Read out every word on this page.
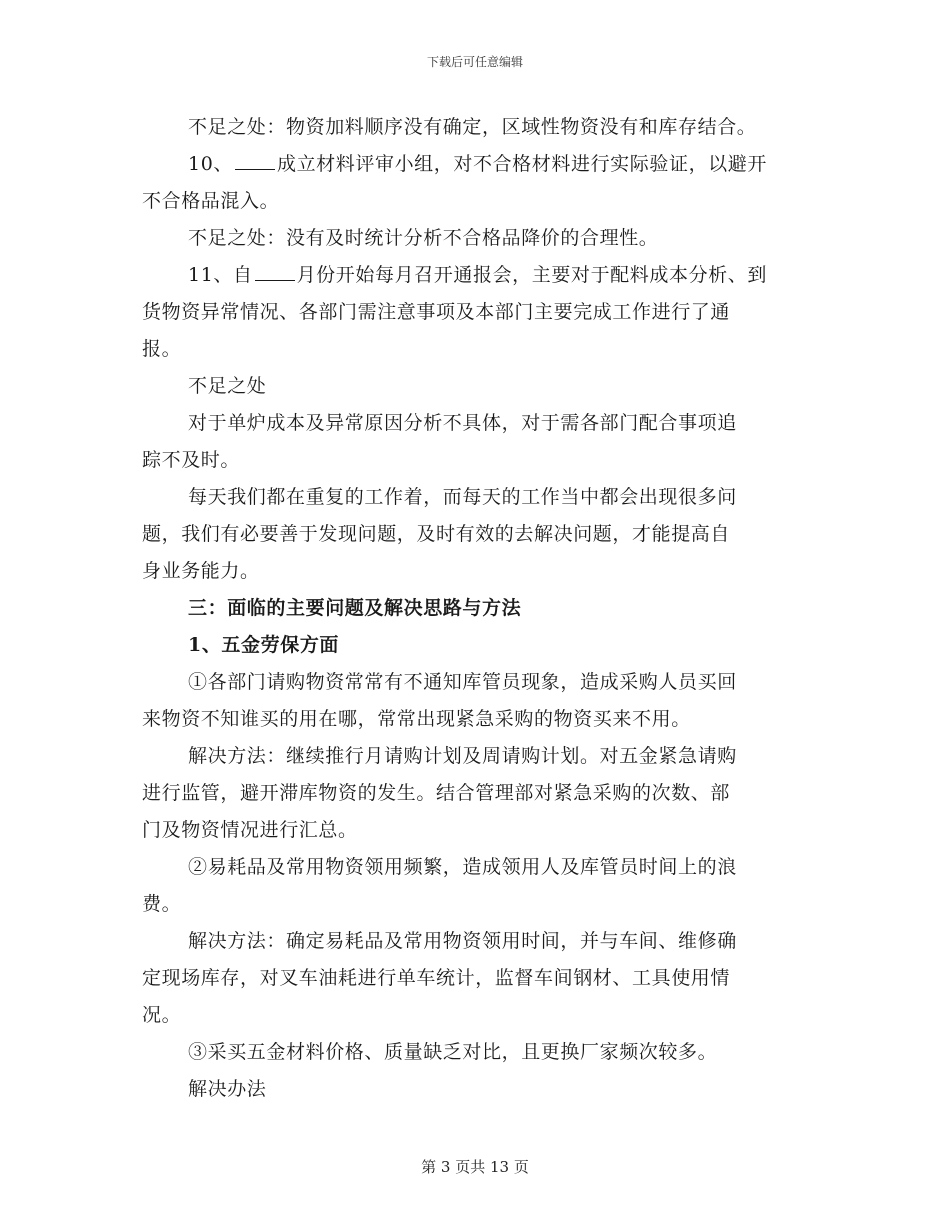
下载后可任意编辑
不足之处：物资加料顺序没有确定，区域性物资没有和库存结合。
10、 成立材料评审小组，对不合格材料进行实际验证，以避开
不合格品混入。
不足之处：没有及时统计分析不合格品降价的合理性。
11、自 月份开始每月召开通报会，主要对于配料成本分析、到
货物资异常情况、各部门需注意事项及本部门主要完成工作进行了通
报。
不足之处
对于单炉成本及异常原因分析不具体，对于需各部门配合事项追
踪不及时。
每天我们都在重复的工作着，而每天的工作当中都会出现很多问
题，我们有必要善于发现问题，及时有效的去解决问题，才能提高自
身业务能力。
三：面临的主要问题及解决思路与方法
1、五金劳保方面
①各部门请购物资常常有不通知库管员现象，造成采购人员买回
来物资不知谁买的用在哪，常常出现紧急采购的物资买来不用。
解决方法：继续推行月请购计划及周请购计划。对五金紧急请购
进行监管，避开滞库物资的发生。结合管理部对紧急采购的次数、部
门及物资情况进行汇总。
②易耗品及常用物资领用频繁，造成领用人及库管员时间上的浪
费。
解决方法：确定易耗品及常用物资领用时间，并与车间、维修确
定现场库存，对叉车油耗进行单车统计，监督车间钢材、工具使用情
况。
③采买五金材料价格、质量缺乏对比，且更换厂家频次较多。
解决办法
第 3 页共 13 页
